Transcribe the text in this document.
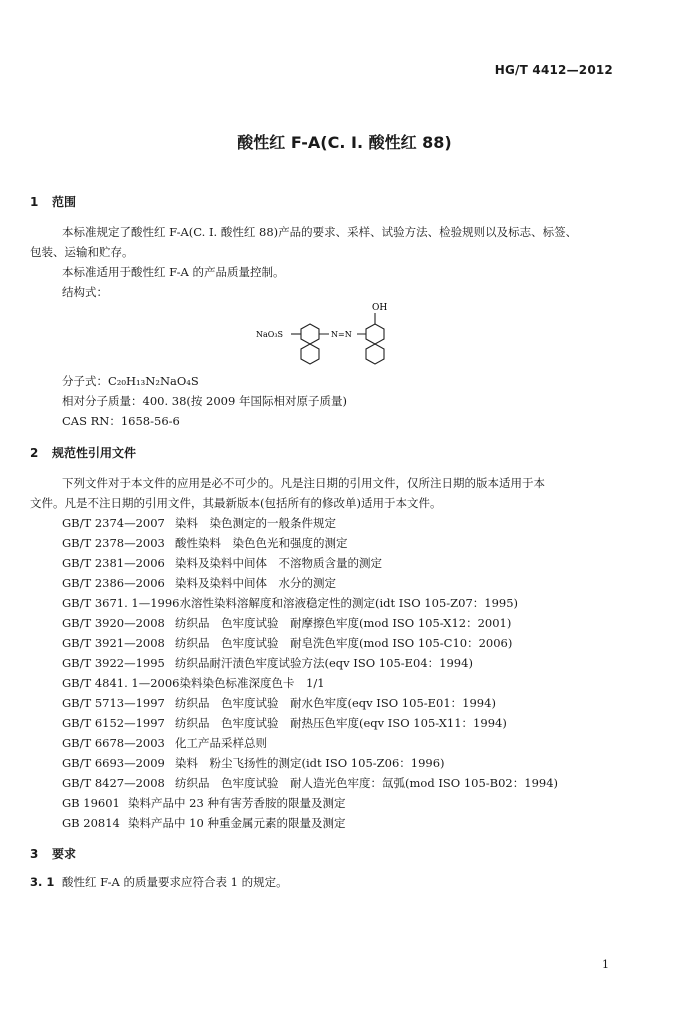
HG/T 4412—2012
酸性红 F-A(C. I. 酸性红 88)
1 范围
本标准规定了酸性红 F-A(C. I. 酸性红 88)产品的要求、采样、试验方法、检验规则以及标志、标签、
包装、运输和贮存。
本标准适用于酸性红 F-A 的产品质量控制。
结构式：
OH
NaO₃S	N=N
分子式：C₂₀H₁₃N₂NaO₄S
相对分子质量：400. 38(按 2009 年国际相对原子质量)
CAS RN：1658-56-6
2 规范性引用文件
下列文件对于本文件的应用是必不可少的。凡是注日期的引用文件，仅所注日期的版本适用于本
文件。凡是不注日期的引用文件，其最新版本(包括所有的修改单)适用于本文件。
GB/T 2374—2007 染料　染色测定的一般条件规定
GB/T 2378—2003 酸性染料　染色色光和强度的测定
GB/T 2381—2006 染料及染料中间体　不溶物质含量的测定
GB/T 2386—2006 染料及染料中间体　水分的测定
GB/T 3671. 1—1996水溶性染料溶解度和溶液稳定性的测定(idt ISO 105-Z07：1995)
GB/T 3920—2008 纺织品　色牢度试验　耐摩擦色牢度(mod ISO 105-X12：2001)
GB/T 3921—2008 纺织品　色牢度试验　耐皂洗色牢度(mod ISO 105-C10：2006)
GB/T 3922—1995 纺织品耐汗渍色牢度试验方法(eqv ISO 105-E04：1994)
GB/T 4841. 1—2006染料染色标准深度色卡　1/1
GB/T 5713—1997 纺织品　色牢度试验　耐水色牢度(eqv ISO 105-E01：1994)
GB/T 6152—1997 纺织品　色牢度试验　耐热压色牢度(eqv ISO 105-X11：1994)
GB/T 6678—2003 化工产品采样总则
GB/T 6693—2009 染料　粉尘飞扬性的测定(idt ISO 105-Z06：1996)
GB/T 8427—2008 纺织品　色牢度试验　耐人造光色牢度：氙弧(mod ISO 105-B02：1994)
GB 19601 染料产品中 23 种有害芳香胺的限量及测定
GB 20814 染料产品中 10 种重金属元素的限量及测定
3 要求
3. 1 酸性红 F-A 的质量要求应符合表 1 的规定。
1
